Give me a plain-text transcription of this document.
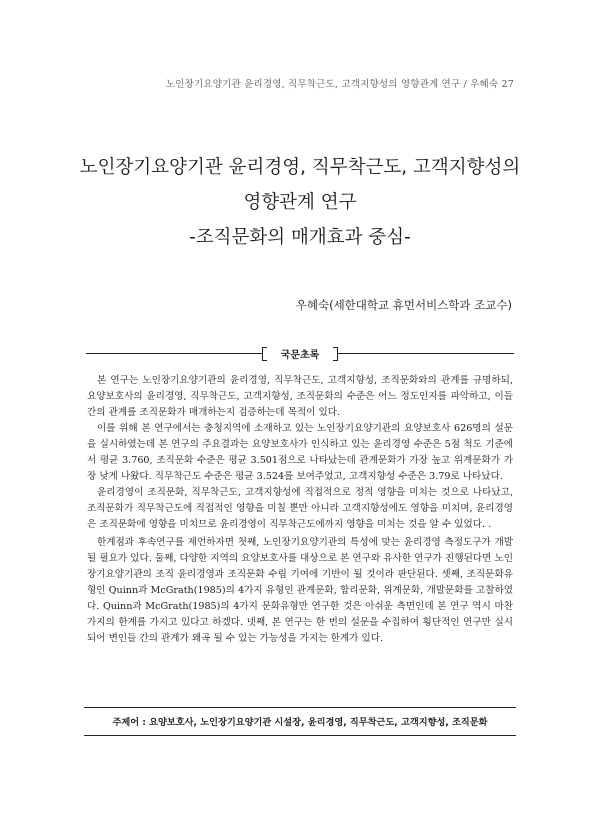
노인장기요양기관 윤리경영, 직무착근도, 고객지향성의 영향관계 연구 / 우혜숙 27
노인장기요양기관 윤리경영, 직무착근도, 고객지향성의
영향관계 연구
-조직문화의 매개효과 중심-
우혜숙(세한대학교 휴먼서비스학과 조교수)
국문초록

본 연구는 노인장기요양기관의 윤리경영, 직무착근도, 고객지향성, 조직문화와의 관계를 규명하되, 요양보호사의 윤리경영, 직무착근도, 고객지향성, 조직문화의 수준은 어느 정도인지를 파악하고, 이들 간의 관계를 조직문화가 매개하는지 검증하는데 목적이 있다.

이를 위해 본 연구에서는 충청지역에 소재하고 있는 노인장기요양기관의 요양보호사 626명의 설문을 실시하였는데 본 연구의 주요결과는 요양보호사가 인식하고 있는 윤리경영 수준은 5점 척도 기준에서 평균 3.760, 조직문화 수준은 평균 3.501점으로 나타났는데 관계문화가 가장 높고 위계문화가 가장 낮게 나왔다. 직무착근도 수준은 평균 3.524를 보여주었고, 고객지향성 수준은 3.79로 나타났다.

윤리경영이 조직문화, 직무착근도, 고객지향성에 직접적으로 정적 영향을 미치는 것으로 나타났고, 조직문화가 직무착근도에 직접적인 영향을 미칠 뿐만 아니라 고객지향성에도 영향을 미치며, 윤리경영은 조직문화에 영향을 미치므로 윤리경영이 직무착근도에까지 영향을 미치는 것을 알 수 있었다. .

한계점과 후속연구를 제언하자면 첫째, 노인장기요양기관의 특성에 맞는 윤리경영 측정도구가 개발될 필요가 있다. 둘째, 다양한 지역의 요양보호사를 대상으로 본 연구와 유사한 연구가 진행된다면 노인장기요양기관의 조직 윤리경영과 조직문화 수립 기여에 기반이 될 것이라 판단된다. 셋째, 조직문화유형인 Quinn과 McGrath(1985)의 4가지 유형인 관계문화, 합리문화, 위계문화, 개발문화를 고찰하였다. Quinn과 McGrath(1985)의 4가지 문화유형만 연구한 것은 아쉬운 측면인데 본 연구 역시 마찬가지의 한계를 가지고 있다고 하겠다. 넷째, 본 연구는 한 번의 설문을 수집하여 횡단적인 연구만 실시되어 변인들 간의 관계가 왜곡 될 수 있는 가능성을 가지는 한계가 있다.

주제어 : 요양보호사, 노인장기요양기관 시설장, 윤리경영, 직무착근도, 고객지향성, 조직문화
